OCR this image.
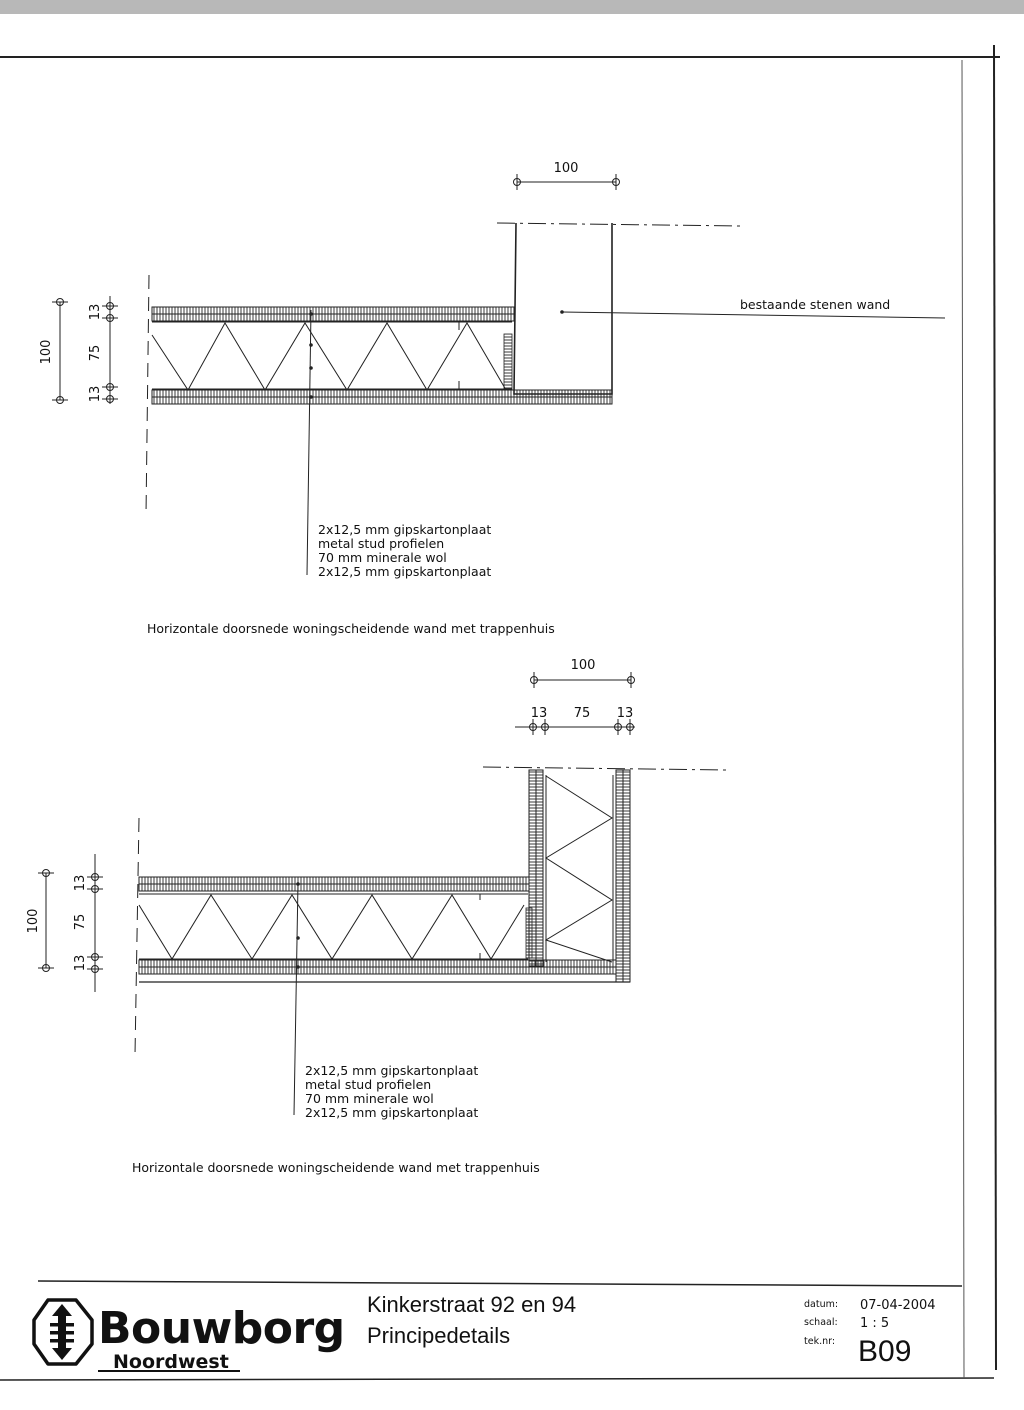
100
bestaande stenen wand
100
13
75
13
2x12,5 mm gipskartonplaat
metal stud profielen
70 mm minerale wol
2x12,5 mm gipskartonplaat
Horizontale doorsnede woningscheidende wand met trappenhuis
100
13 75 13
100
13
75
13
2x12,5 mm gipskartonplaat
metal stud profielen
70 mm minerale wol
2x12,5 mm gipskartonplaat
Horizontale doorsnede woningscheidende wand met trappenhuis
Bouwborg
Noordwest
Kinkerstraat 92 en 94
Principedetails
datum: 07-04-2004
schaal: 1 : 5
tek.nr: B09
